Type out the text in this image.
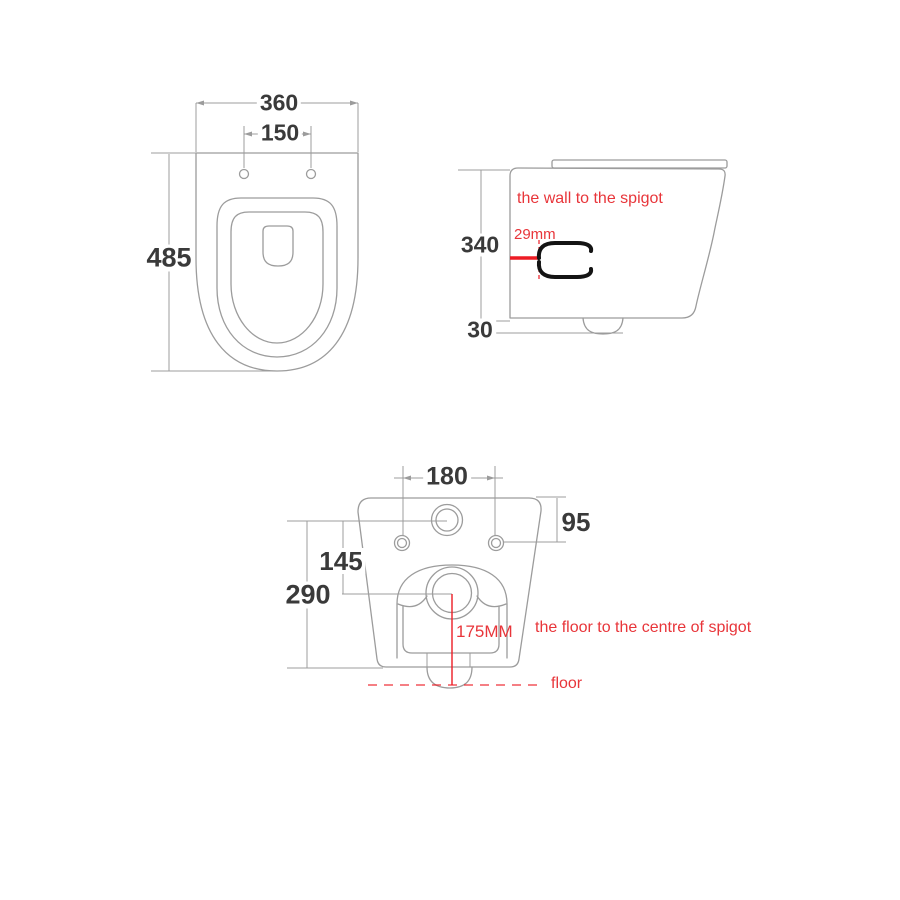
360
150
485	340
30
the wall to the spigot
29mm
180
95
145
290
175MM the floor to the centre of spigot
floor
